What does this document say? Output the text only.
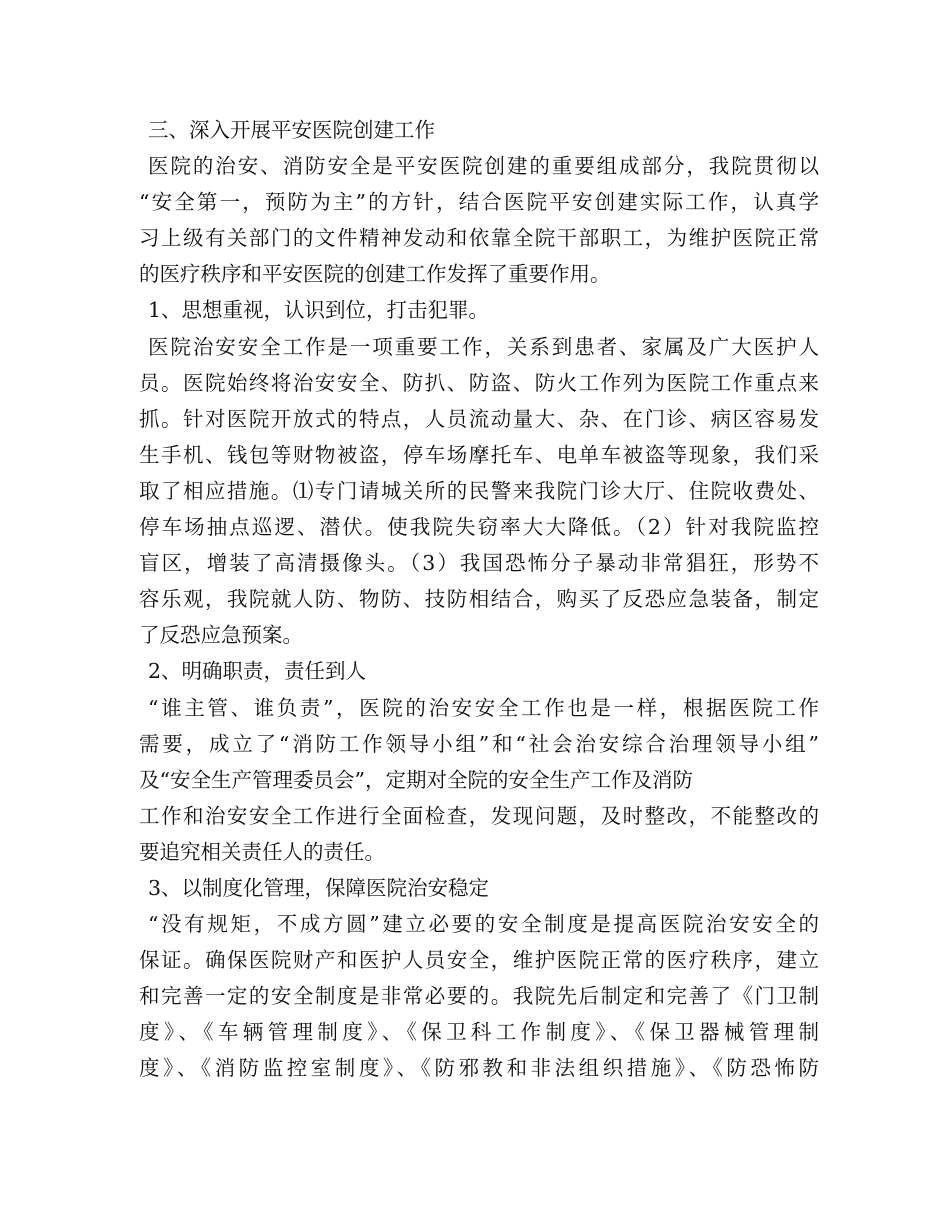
三、深入开展平安医院创建工作
医院的治安、消防安全是平安医院创建的重要组成部分，我院贯彻以
“安全第一，预防为主”的方针，结合医院平安创建实际工作，认真学
习上级有关部门的文件精神发动和依靠全院干部职工，为维护医院正常
的医疗秩序和平安医院的创建工作发挥了重要作用。
1、思想重视，认识到位，打击犯罪。
医院治安安全工作是一项重要工作，关系到患者、家属及广大医护人
员。医院始终将治安安全、防扒、防盗、防火工作列为医院工作重点来
抓。针对医院开放式的特点，人员流动量大、杂、在门诊、病区容易发
生手机、钱包等财物被盗，停车场摩托车、电单车被盗等现象，我们采
取了相应措施。⑴专门请城关所的民警来我院门诊大厅、住院收费处、
停车场抽点巡逻、潜伏。使我院失窃率大大降低。（2）针对我院监控
盲区，增装了高清摄像头。（3）我国恐怖分子暴动非常猖狂，形势不
容乐观，我院就人防、物防、技防相结合，购买了反恐应急装备，制定
了反恐应急预案。
2、明确职责，责任到人
“谁主管、谁负责”，医院的治安安全工作也是一样，根据医院工作
需要，成立了“消防工作领导小组”和“社会治安综合治理领导小组”
及“安全生产管理委员会”，定期对全院的安全生产工作及消防
工作和治安安全工作进行全面检查，发现问题，及时整改，不能整改的
要追究相关责任人的责任。
3、以制度化管理，保障医院治安稳定
“没有规矩，不成方圆”建立必要的安全制度是提高医院治安安全的
保证。确保医院财产和医护人员安全，维护医院正常的医疗秩序，建立
和完善一定的安全制度是非常必要的。我院先后制定和完善了《门卫制
度》、《车辆管理制度》、《保卫科工作制度》、《保卫器械管理制
度》、《消防监控室制度》、《防邪教和非法组织措施》、《防恐怖防
